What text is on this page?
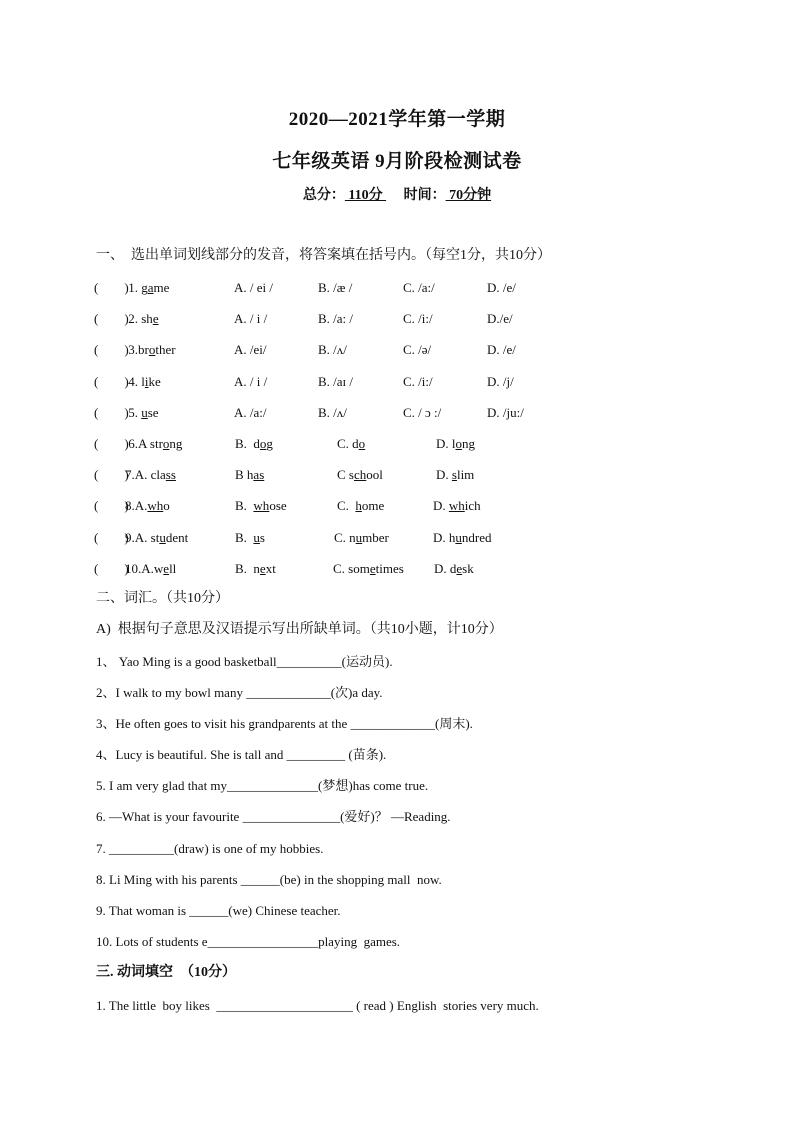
2020—2021学年第一学期
七年级英语 9月阶段检测试卷
总分： 110分      时间： 70分钟
一、  选出单词划线部分的发音，将答案填在括号内。（每空1分，共10分）
(        )
1. game	A. / ei /	B. /æ /	C. /a:/	D. /e/
(        )
2. she	A. / i /	B. /a: /	C. /i:/	D./e/
(        )
3.brother	A. /ei/	B. /ʌ/	C. /ə/	D. /e/
(        )
4. like	A. / i /	B. /aɪ /	C. /i:/	D. /j/
(        )
5. use	A. /a:/	B. /ʌ/	C. / ɔ :/	D. /ju:/
(        )
6.A strong	B.  dog	C. do	D. long
(        )
7.A. class	B has	C school	D. slim
(        )
8.A.who	B.  whose	C.  home	D. which
(        )
9.A. student	B.  us	C. number	D. hundred
(        )
10.A.well	B.  next	C. sometimes D. desk
二、词汇。（共10分）
A)  根据句子意思及汉语提示写出所缺单词。（共10小题，计10分）
1、 Yao Ming is a good basketball__________(运动员).
2、I walk to my bowl many _____________(次)a day.
3、He often goes to visit his grandparents at the _____________(周末).
4、Lucy is beautiful. She is tall and _________ (苗条).
5. I am very glad that my______________(梦想)has come true.
6. —What is your favourite _______________(爱好)？ —Reading.
7. __________(draw) is one of my hobbies.
8. Li Ming with his parents ______(be) in the shopping mall  now.
9. That woman is ______(we) Chinese teacher.
10. Lots of students e_________________playing  games.
三. 动词填空  （10分）
1. The little  boy likes  _____________________ ( read ) English  stories very much.
